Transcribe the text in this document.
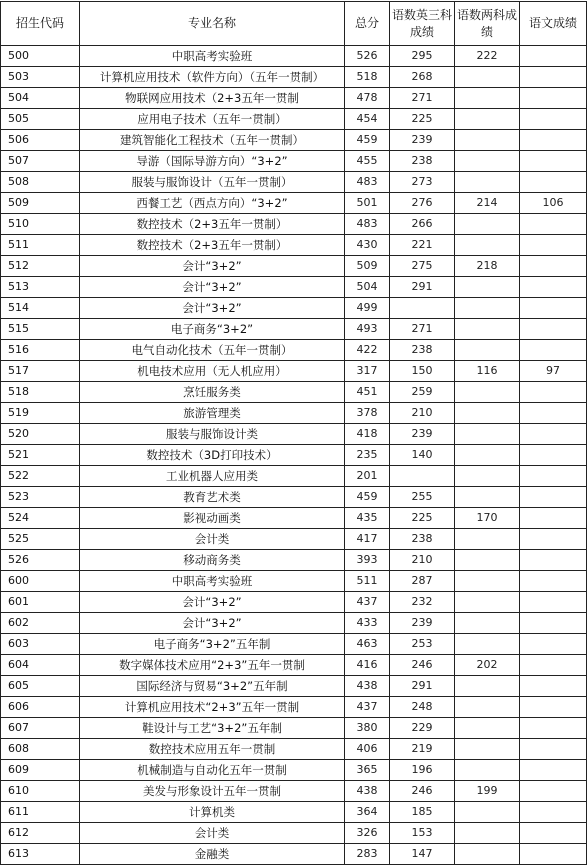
招生代码	专业名称	总分	语数英三科成绩	语数两科成绩	语文成绩
500	中职高考实验班	526	295	222	
503	计算机应用技术（软件方向）（五年一贯制）	518	268		
504	物联网应用技术（2+3五年一贯制	478	271		
505	应用电子技术（五年一贯制）	454	225		
506	建筑智能化工程技术（五年一贯制）	459	239		
507	导游（国际导游方向）“3+2”	455	238		
508	服装与服饰设计（五年一贯制）	483	273		
509	西餐工艺（西点方向）“3+2”	501	276	214	106
510	数控技术（2+3五年一贯制）	483	266		
511	数控技术（2+3五年一贯制）	430	221		
512	会计“3+2”	509	275	218	
513	会计“3+2”	504	291		
514	会计“3+2”	499			
515	电子商务“3+2”	493	271		
516	电气自动化技术（五年一贯制）	422	238		
517	机电技术应用（无人机应用）	317	150	116	97
518	烹饪服务类	451	259		
519	旅游管理类	378	210		
520	服装与服饰设计类	418	239		
521	数控技术（3D打印技术）	235	140		
522	工业机器人应用类	201			
523	教育艺术类	459	255		
524	影视动画类	435	225	170	
525	会计类	417	238		
526	移动商务类	393	210		
600	中职高考实验班	511	287		
601	会计“3+2”	437	232		
602	会计“3+2”	433	239		
603	电子商务“3+2”五年制	463	253		
604	数字媒体技术应用“2+3”五年一贯制	416	246	202	
605	国际经济与贸易“3+2”五年制	438	291		
606	计算机应用技术“2+3”五年一贯制	437	248		
607	鞋设计与工艺“3+2”五年制	380	229		
608	数控技术应用五年一贯制	406	219		
609	机械制造与自动化五年一贯制	365	196		
610	美发与形象设计五年一贯制	438	246	199	
611	计算机类	364	185		
612	会计类	326	153		
613	金融类	283	147		
